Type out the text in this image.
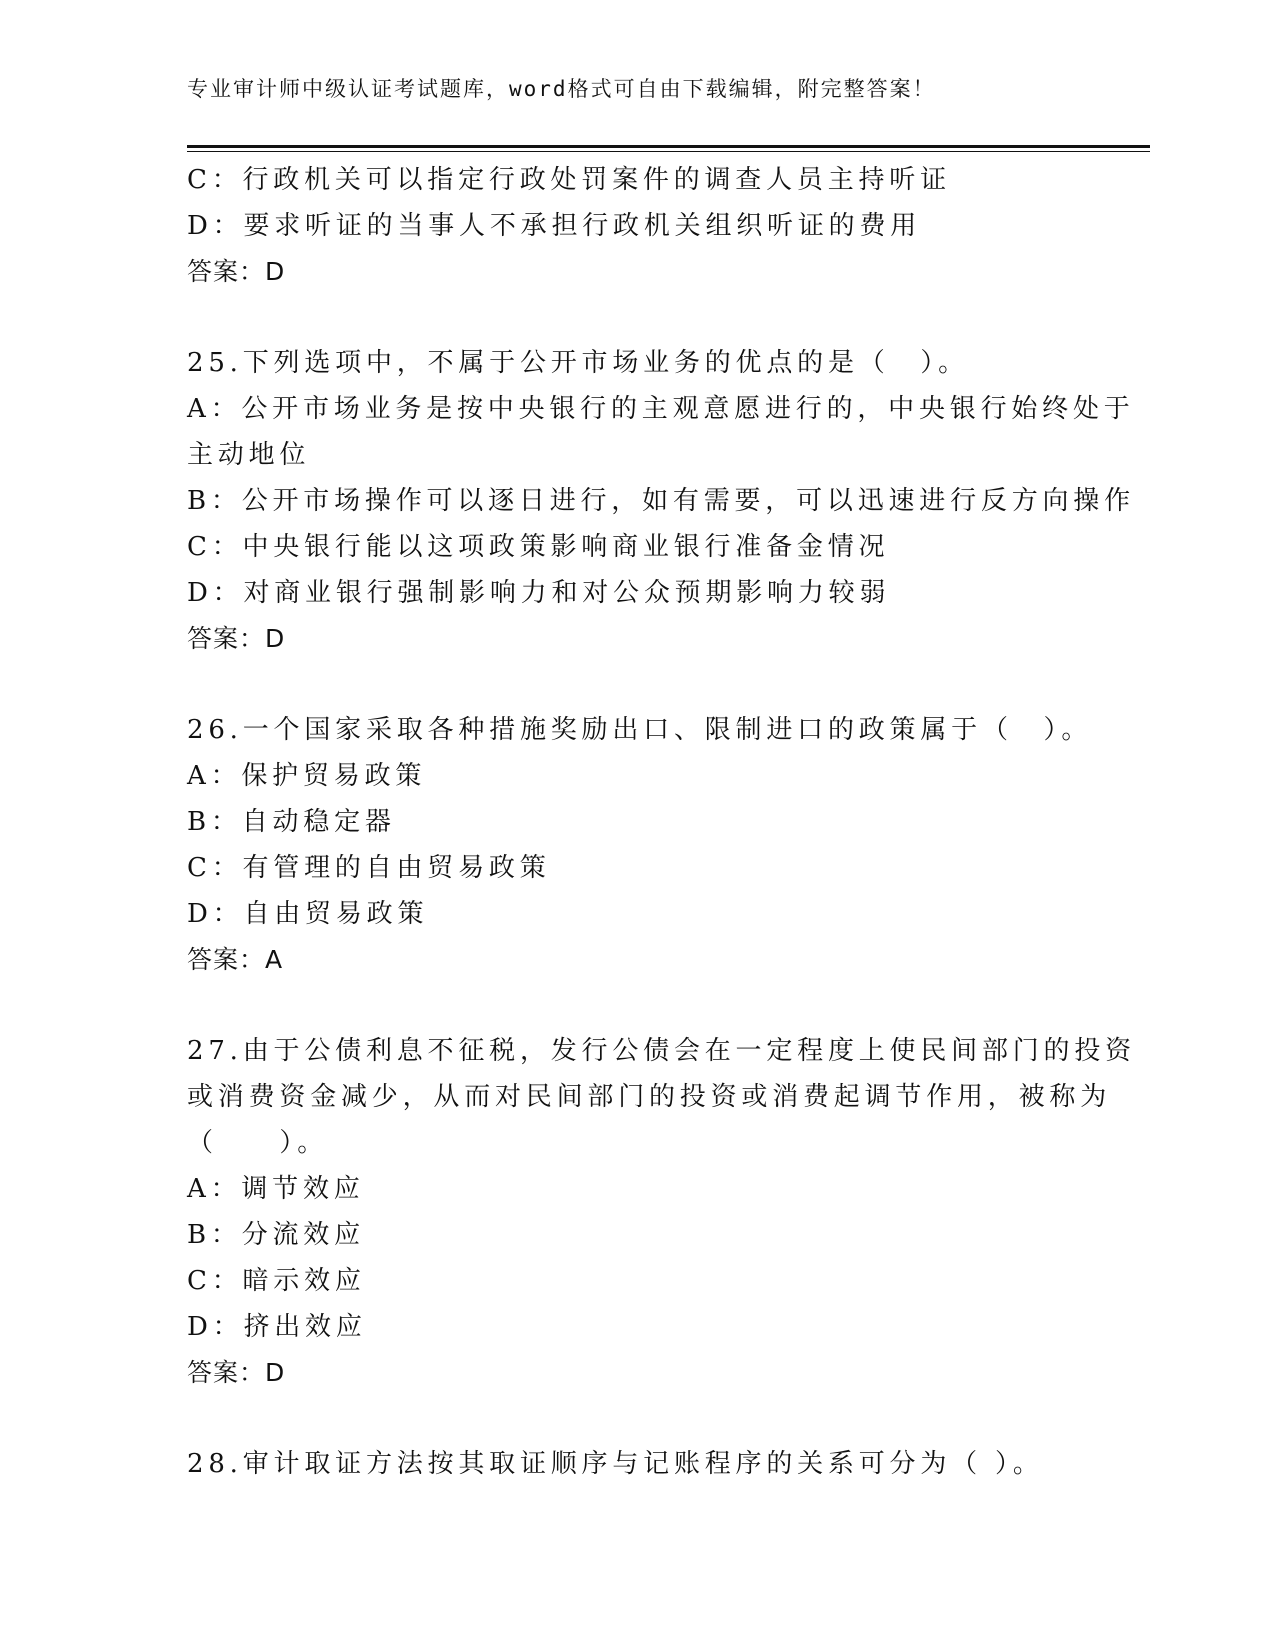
专业审计师中级认证考试题库，word格式可自由下载编辑，附完整答案！
C：行政机关可以指定行政处罚案件的调查人员主持听证
D：要求听证的当事人不承担行政机关组织听证的费用
答案：D
25.下列选项中，不属于公开市场业务的优点的是（　）。
A：公开市场业务是按中央银行的主观意愿进行的，中央银行始终处于
主动地位
B：公开市场操作可以逐日进行，如有需要，可以迅速进行反方向操作
C：中央银行能以这项政策影响商业银行准备金情况
D：对商业银行强制影响力和对公众预期影响力较弱
答案：D
26.一个国家采取各种措施奖励出口、限制进口的政策属于（　）。
A：保护贸易政策
B：自动稳定器
C：有管理的自由贸易政策
D：自由贸易政策
答案：A
27.由于公债利息不征税，发行公债会在一定程度上使民间部门的投资
或消费资金减少，从而对民间部门的投资或消费起调节作用，被称为
（　　）。
A：调节效应
B：分流效应
C：暗示效应
D：挤出效应
答案：D
28.审计取证方法按其取证顺序与记账程序的关系可分为（ ）。
